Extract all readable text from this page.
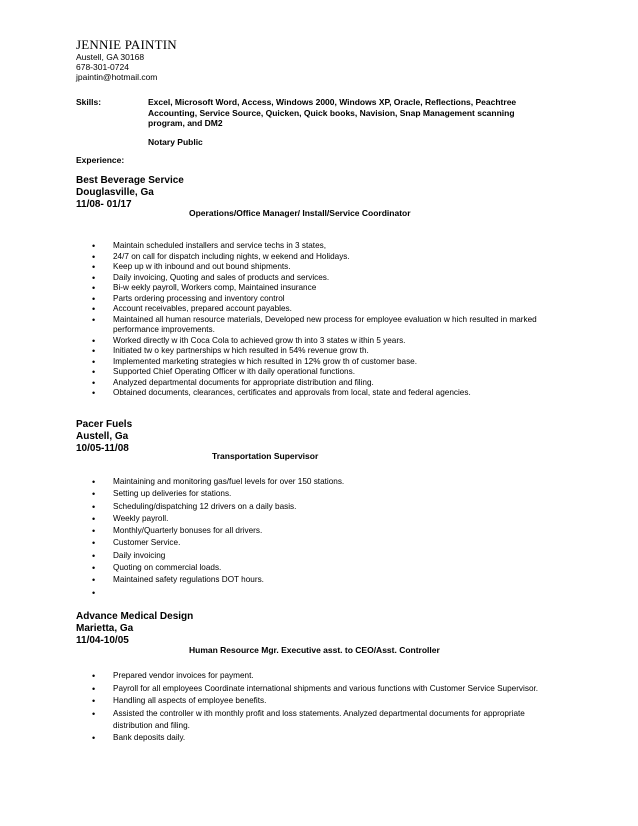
JENNIE PAINTIN
Austell, GA 30168
678-301-0724
jpaintin@hotmail.com
Skills:	Excel, Microsoft Word, Access, Windows 2000, Windows XP, Oracle, Reflections, Peachtree Accounting, Service Source, Quicken, Quick books, Navision, Snap Management scanning program, and DM2
Notary Public
Experience:
Best Beverage Service
Douglasville, Ga
11/08- 01/17
Operations/Office Manager/ Install/Service Coordinator
• Maintain scheduled installers and service techs in 3 states,
• 24/7 on call for dispatch including nights, w eekend and Holidays.
• Keep up w ith inbound and out bound shipments.
• Daily invoicing, Quoting and sales of products and services.
• Bi-w eekly payroll, Workers comp, Maintained insurance
• Parts ordering processing and inventory control
• Account receivables, prepared account payables.
• Maintained all human resource materials, Developed new process for employee evaluation w hich resulted in marked performance improvements.
• Worked directly w ith Coca Cola to achieved grow th into 3 states w ithin 5 years.
• Initiated tw o key partnerships w hich resulted in 54% revenue grow th.
• Implemented marketing strategies w hich resulted in 12% grow th of customer base.
• Supported Chief Operating Officer w ith daily operational functions.
• Analyzed departmental documents for appropriate distribution and filing.
• Obtained documents, clearances, certificates and approvals from local, state and federal agencies.
Pacer Fuels
Austell, Ga
10/05-11/08
Transportation Supervisor
• Maintaining and monitoring gas/fuel levels for over 150 stations.
• Setting up deliveries for stations.
• Scheduling/dispatching 12 drivers on a daily basis.
• Weekly payroll.
• Monthly/Quarterly bonuses for all drivers.
• Customer Service.
• Daily invoicing
• Quoting on commercial loads.
• Maintained safety regulations DOT hours.
•

Advance Medical Design
Marietta, Ga
11/04-10/05
Human Resource Mgr. Executive asst. to CEO/Asst. Controller
• Prepared vendor invoices for payment.
• Payroll for all employees Coordinate international shipments and various functions with Customer Service Supervisor.
• Handling all aspects of employee benefits.
• Assisted the controller w ith monthly profit and loss statements. Analyzed departmental documents for appropriate distribution and filing.
• Bank deposits daily.
